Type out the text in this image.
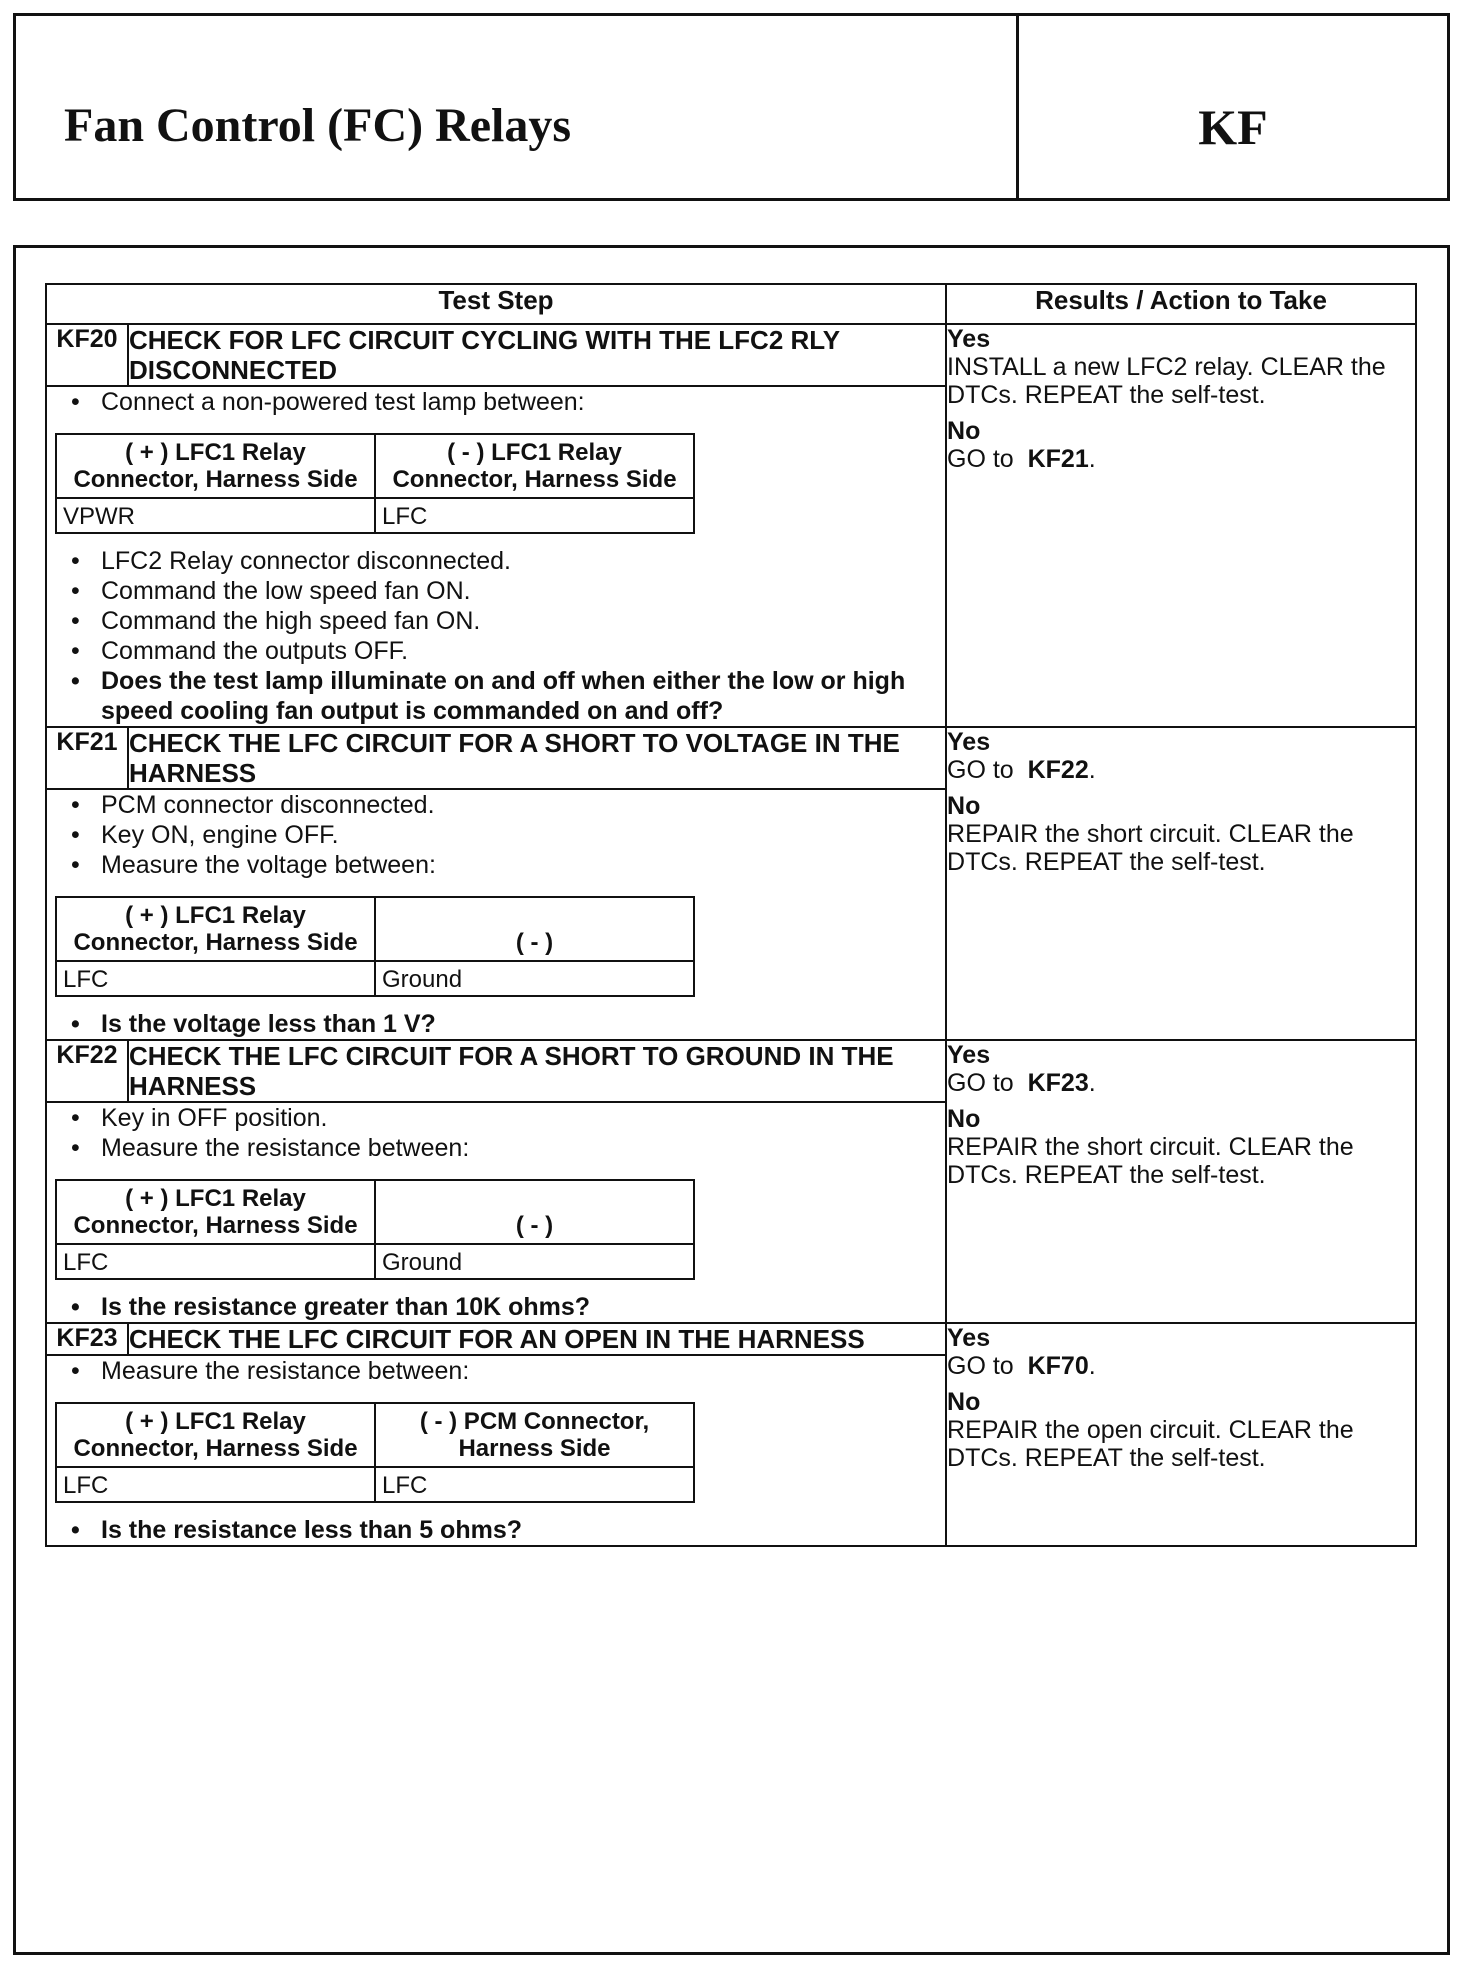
Fan Control (FC) Relays	KF
Test Step	Results / Action to Take
KF20	CHECK FOR LFC CIRCUIT CYCLING WITH THE LFC2 RLY DISCONNECTED	
Yes
INSTALL a new LFC2 relay. CLEAR the DTCs. REPEAT the self-test.
No
GO to KF21.

• Connect a non-powered test lamp between:
( + ) LFC1 Relay Connector, Harness Side	( - ) LFC1 Relay Connector, Harness Side
VPWR	LFC
• LFC2 Relay connector disconnected.
• Command the low speed fan ON.
• Command the high speed fan ON.
• Command the outputs OFF.
• Does the test lamp illuminate on and off when either the low or high speed cooling fan output is commanded on and off?

KF21	CHECK THE LFC CIRCUIT FOR A SHORT TO VOLTAGE IN THE HARNESS	
Yes
GO to KF22.
No
REPAIR the short circuit. CLEAR the DTCs. REPEAT the self-test.

• PCM connector disconnected.
• Key ON, engine OFF.
• Measure the voltage between:
( + ) LFC1 Relay Connector, Harness Side	( - )
LFC	Ground
• Is the voltage less than 1 V?

KF22	CHECK THE LFC CIRCUIT FOR A SHORT TO GROUND IN THE HARNESS	
Yes
GO to KF23.
No
REPAIR the short circuit. CLEAR the DTCs. REPEAT the self-test.

• Key in OFF position.
• Measure the resistance between:
( + ) LFC1 Relay Connector, Harness Side	( - )
LFC	Ground
• Is the resistance greater than 10K ohms?

KF23	CHECK THE LFC CIRCUIT FOR AN OPEN IN THE HARNESS	Yes
GO to KF70.
No
REPAIR the open circuit. CLEAR the DTCs. REPEAT the self-test.

• Measure the resistance between:
( + ) LFC1 Relay Connector, Harness Side	( - ) PCM Connector, Harness Side
LFC	LFC
• Is the resistance less than 5 ohms?
